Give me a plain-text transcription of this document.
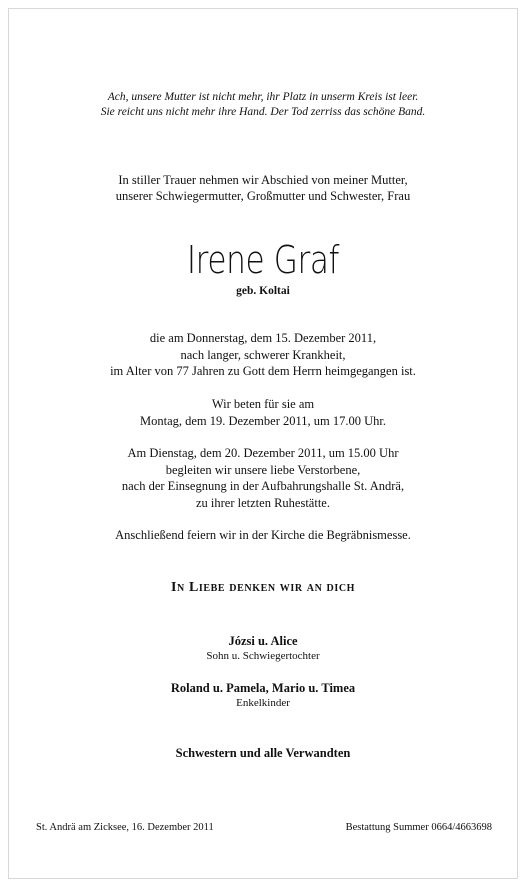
Ach, unsere Mutter ist nicht mehr, ihr Platz in unserm Kreis ist leer.
Sie reicht uns nicht mehr ihre Hand. Der Tod zerriss das schöne Band.
In stiller Trauer nehmen wir Abschied von meiner Mutter,
unserer Schwiegermutter, Großmutter und Schwester, Frau
Irene Graf
geb. Koltai
die am Donnerstag, dem 15. Dezember 2011,
nach langer, schwerer Krankheit,
im Alter von 77 Jahren zu Gott dem Herrn heimgegangen ist.
Wir beten für sie am
Montag, dem 19. Dezember 2011, um 17.00 Uhr.
Am Dienstag, dem 20. Dezember 2011, um 15.00 Uhr
begleiten wir unsere liebe Verstorbene,
nach der Einsegnung in der Aufbahrungshalle St. Andrä,
zu ihrer letzten Ruhestätte.
Anschließend feiern wir in der Kirche die Begräbnismesse.
In Liebe denken wir an dich
Józsi u. Alice
Sohn u. Schwiegertochter
Roland u. Pamela, Mario u. Timea
Enkelkinder
Schwestern und alle Verwandten
St. Andrä am Zicksee, 16. Dezember 2011	Bestattung Summer 0664/4663698
